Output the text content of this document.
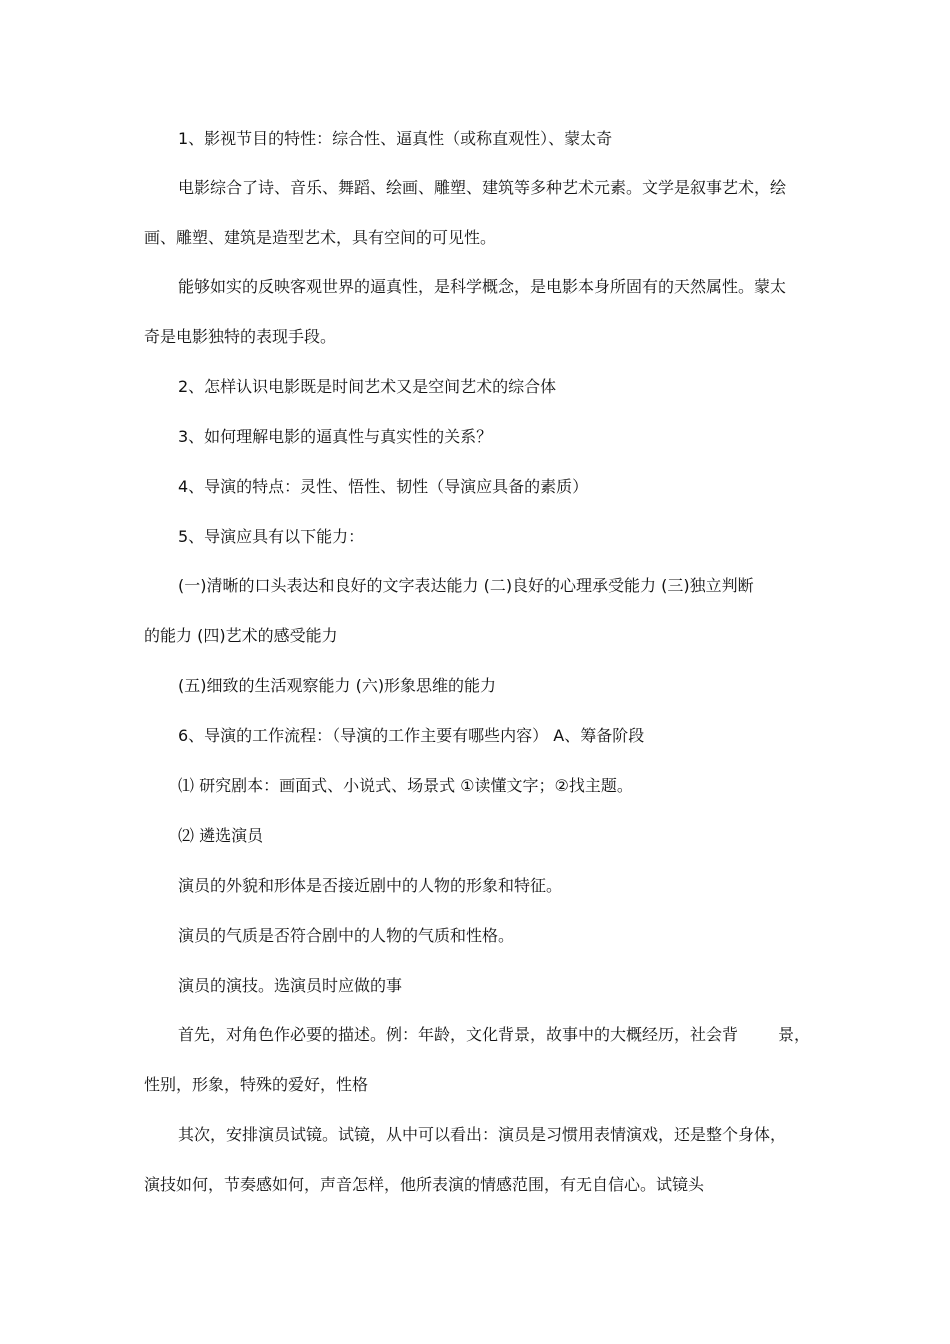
1、影视节目的特性：综合性、逼真性（或称直观性）、蒙太奇
电影综合了诗、音乐、舞蹈、绘画、雕塑、建筑等多种艺术元素。文学是叙事艺术，绘
画、雕塑、建筑是造型艺术，具有空间的可见性。
能够如实的反映客观世界的逼真性，是科学概念，是电影本身所固有的天然属性。蒙太
奇是电影独特的表现手段。
2、怎样认识电影既是时间艺术又是空间艺术的综合体
3、如何理解电影的逼真性与真实性的关系？
4、导演的特点：灵性、悟性、韧性（导演应具备的素质）
5、导演应具有以下能力：
(一)清晰的口头表达和良好的文字表达能力 (二)良好的心理承受能力 (三)独立判断
的能力 (四)艺术的感受能力
(五)细致的生活观察能力 (六)形象思维的能力
6、导演的工作流程：（导演的工作主要有哪些内容） A、筹备阶段
⑴ 研究剧本：画面式、小说式、场景式 ①读懂文字；②找主题。
⑵ 遴选演员
演员的外貌和形体是否接近剧中的人物的形象和特征。
演员的气质是否符合剧中的人物的气质和性格。
演员的演技。选演员时应做的事
首先，对角色作必要的描述。例：年龄，文化背景，故事中的大概经历，社会背 景，
性别，形象，特殊的爱好，性格
其次，安排演员试镜。试镜，从中可以看出：演员是习惯用表情演戏，还是整个身体，
演技如何，节奏感如何，声音怎样，他所表演的情感范围，有无自信心。试镜头
